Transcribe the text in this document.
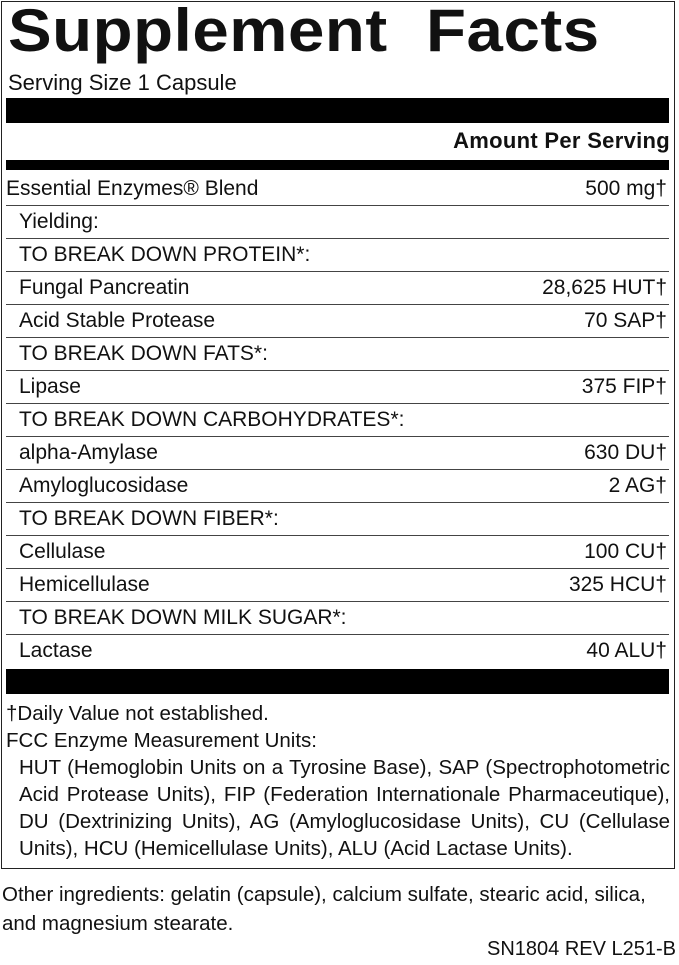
Supplement Facts
Serving Size 1 Capsule
Amount Per Serving
Essential Enzymes® Blend	500 mg†
Yielding:
TO BREAK DOWN PROTEIN*:
Fungal Pancreatin	28,625 HUT†
Acid Stable Protease	70 SAP†
TO BREAK DOWN FATS*:
Lipase	375 FIP†
TO BREAK DOWN CARBOHYDRATES*:
alpha-Amylase	630 DU†
Amyloglucosidase	2 AG†
TO BREAK DOWN FIBER*:
Cellulase	100 CU†
Hemicellulase	325 HCU†
TO BREAK DOWN MILK SUGAR*:
Lactase	40 ALU†
†Daily Value not established.
FCC Enzyme Measurement Units:
HUT (Hemoglobin Units on a Tyrosine Base), SAP (Spectrophotometric Acid Protease Units), FIP (Federation Internationale Pharmaceutique), DU (Dextrinizing Units), AG (Amyloglucosidase Units), CU (Cellulase Units), HCU (Hemicellulase Units), ALU (Acid Lactase Units).
Other ingredients: gelatin (capsule), calcium sulfate, stearic acid, silica, and magnesium stearate.
SN1804 REV L251-B
